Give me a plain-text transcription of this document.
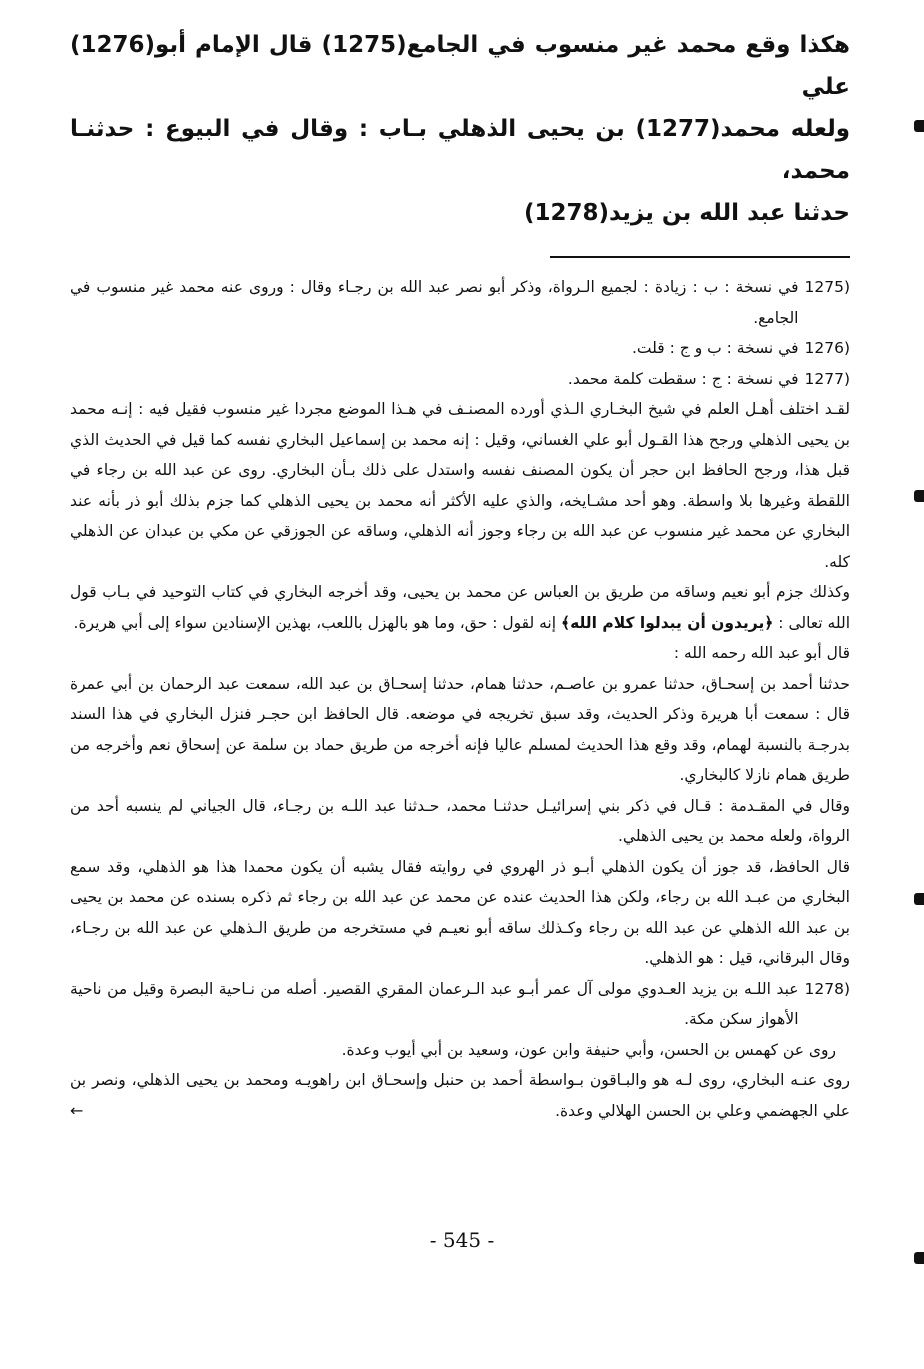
هكذا وقع محمد غير منسوب في الجامع(1275) قال الإمام أبو(1276) علي

ولعله محمد(1277) بن يحيى الذهلي بـاب : وقال في البيوع : حدثنـا محمد،

حدثنا عبد الله بن يزيد(1278)

1275)

في نسخة : ب : زيادة : لجميع الـرواة، وذكر أبو نصر عبد الله بن رجـاء وقال : وروى عنه محمد غير منسوب في الجامع.

1276)

في نسخة : ب و ج : قلت.

1277)

في نسخة : ج : سقطت كلمة محمد.

لقـد اختلف أهـل العلم في شيخ البخـاري الـذي أورده المصنـف في هـذا الموضع مجردا غير منسوب فقيل فيه : إنـه محمد بن يحيى الذهلي ورجح هذا القـول أبو علي الغساني، وقيل : إنه محمد بن إسماعيل البخاري نفسه كما قيل في الحديث الذي قبل هذا، ورجح الحافظ ابن حجر أن يكون المصنف نفسه واستدل على ذلك بـأن البخاري. روى عن عبد الله بن رجاء في اللقطة وغيرها بلا واسطة. وهو أحد مشـايخه، والذي عليه الأكثر أنه محمد بن يحيى الذهلي كما جزم بذلك أبو ذر بأنه عند البخاري عن محمد غير منسوب عن عبد الله بن رجاء وجوز أنه الذهلي، وساقه عن الجوزقي عن مكي بن عبدان عن الذهلي كله.

وكذلك جزم أبو نعيم وساقه من طريق بن العباس عن محمد بن يحيى، وقد أخرجه البخاري في كتاب التوحيد في بـاب قول الله تعالى : ﴿يريدون أن يبدلوا كلام الله﴾ إنه لقول : حق، وما هو بالهزل باللعب، بهذين الإسنادين سواء إلى أبي هريرة.

قال أبو عبد الله رحمه الله :

حدثنا أحمد بن إسحـاق، حدثنا عمرو بن عاصـم، حدثنا همام، حدثنا إسحـاق بن عبد الله، سمعت عبد الرحمان بن أبي عمرة قال : سمعت أبا هريرة وذكر الحديث، وقد سبق تخريجه في موضعه. قال الحافظ ابن حجـر فنزل البخاري في هذا السند بدرجـة بالنسبة لهمام، وقد وقع هذا الحديث لمسلم عاليا فإنه أخرجه من طريق حماد بن سلمة عن إسحاق نعم وأخرجه من طريق همام نازلا كالبخاري.

وقال في المقـدمة : قـال في ذكر بني إسرائيـل حدثنـا محمد، حـدثنا عبد اللـه بن رجـاء، قال الجياني لم ينسبه أحد من الرواة، ولعله محمد بن يحيى الذهلي.

قال الحافظ، قد جوز أن يكون الذهلي أبـو ذر الهروي في روايته فقال يشبه أن يكون محمدا هذا هو الذهلي، وقد سمع البخاري من عبـد الله بن رجاء، ولكن هذا الحديث عنده عن محمد عن عبد الله بن رجاء ثم ذكره بسنده عن محمد بن يحيى بن عبد الله الذهلي عن عبد الله بن رجاء وكـذلك ساقه أبو نعيـم في مستخرجه من طريق الـذهلي عن عبد الله بن رجـاء، وقال البرقاني، قيل : هو الذهلي.

1278)

عبد اللـه بن يزيد العـدوي مولى آل عمر أبـو عبد الـرعمان المقري القصير. أصله من نـاحية البصرة وقيل من ناحية الأهواز سكن مكة.

روى عن كهمس بن الحسن، وأبي حنيفة وابن عون، وسعيد بن أبي أيوب وعدة.

روى عنـه البخاري، روى لـه هو والبـاقون بـواسطة أحمد بن حنبل وإسحـاق ابن راهويـه ومحمد بن يحيى الذهلي، ونصر بن علي الجهضمي وعلي بن الحسن الهلالي وعدة.
←

- 545 -
